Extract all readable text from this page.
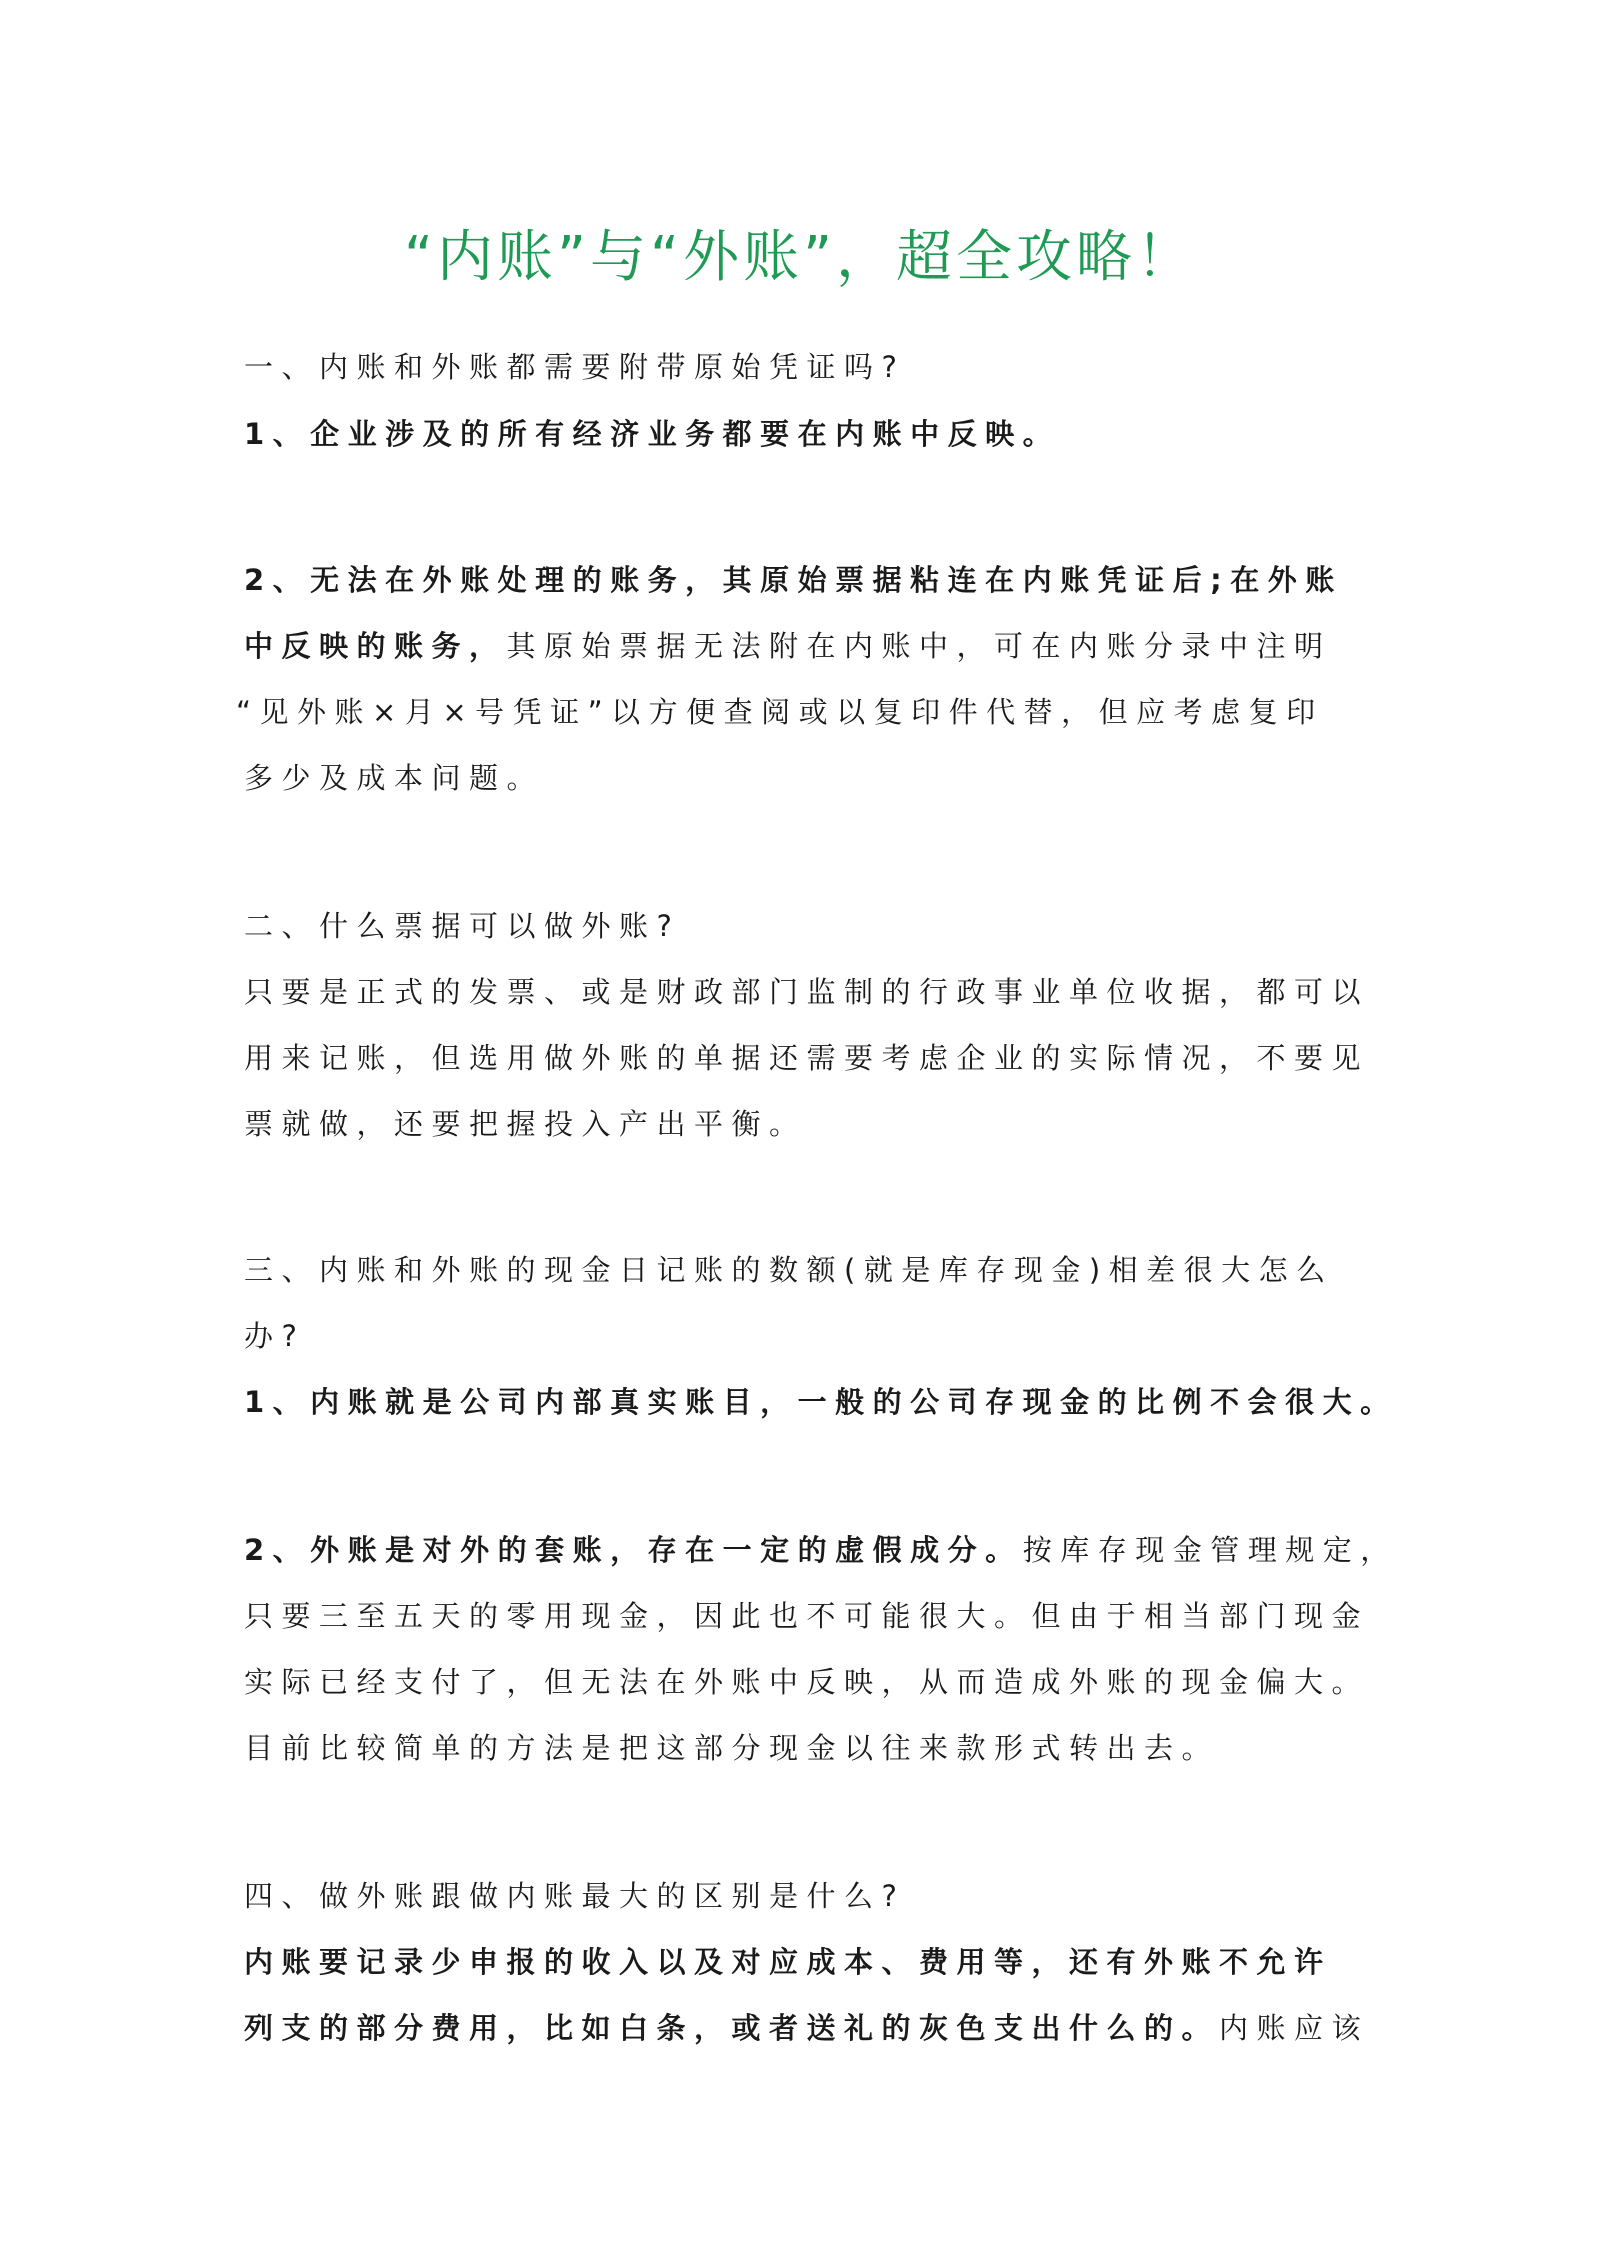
“内账”与“外账”，超全攻略！
一、内账和外账都需要附带原始凭证吗?
1、企业涉及的所有经济业务都要在内账中反映。
2、无法在外账处理的账务，其原始票据粘连在内账凭证后;在外账
中反映的账务，其原始票据无法附在内账中，可在内账分录中注明
“见外账×月×号凭证”以方便查阅或以复印件代替，但应考虑复印
多少及成本问题。
二、什么票据可以做外账?
只要是正式的发票、或是财政部门监制的行政事业单位收据，都可以
用来记账，但选用做外账的单据还需要考虑企业的实际情况，不要见
票就做，还要把握投入产出平衡。
三、内账和外账的现金日记账的数额(就是库存现金)相差很大怎么
办?
1、内账就是公司内部真实账目，一般的公司存现金的比例不会很大。
2、外账是对外的套账，存在一定的虚假成分。按库存现金管理规定，
只要三至五天的零用现金，因此也不可能很大。但由于相当部门现金
实际已经支付了，但无法在外账中反映，从而造成外账的现金偏大。
目前比较简单的方法是把这部分现金以往来款形式转出去。
四、做外账跟做内账最大的区别是什么?
内账要记录少申报的收入以及对应成本、费用等，还有外账不允许
列支的部分费用，比如白条，或者送礼的灰色支出什么的。内账应该
